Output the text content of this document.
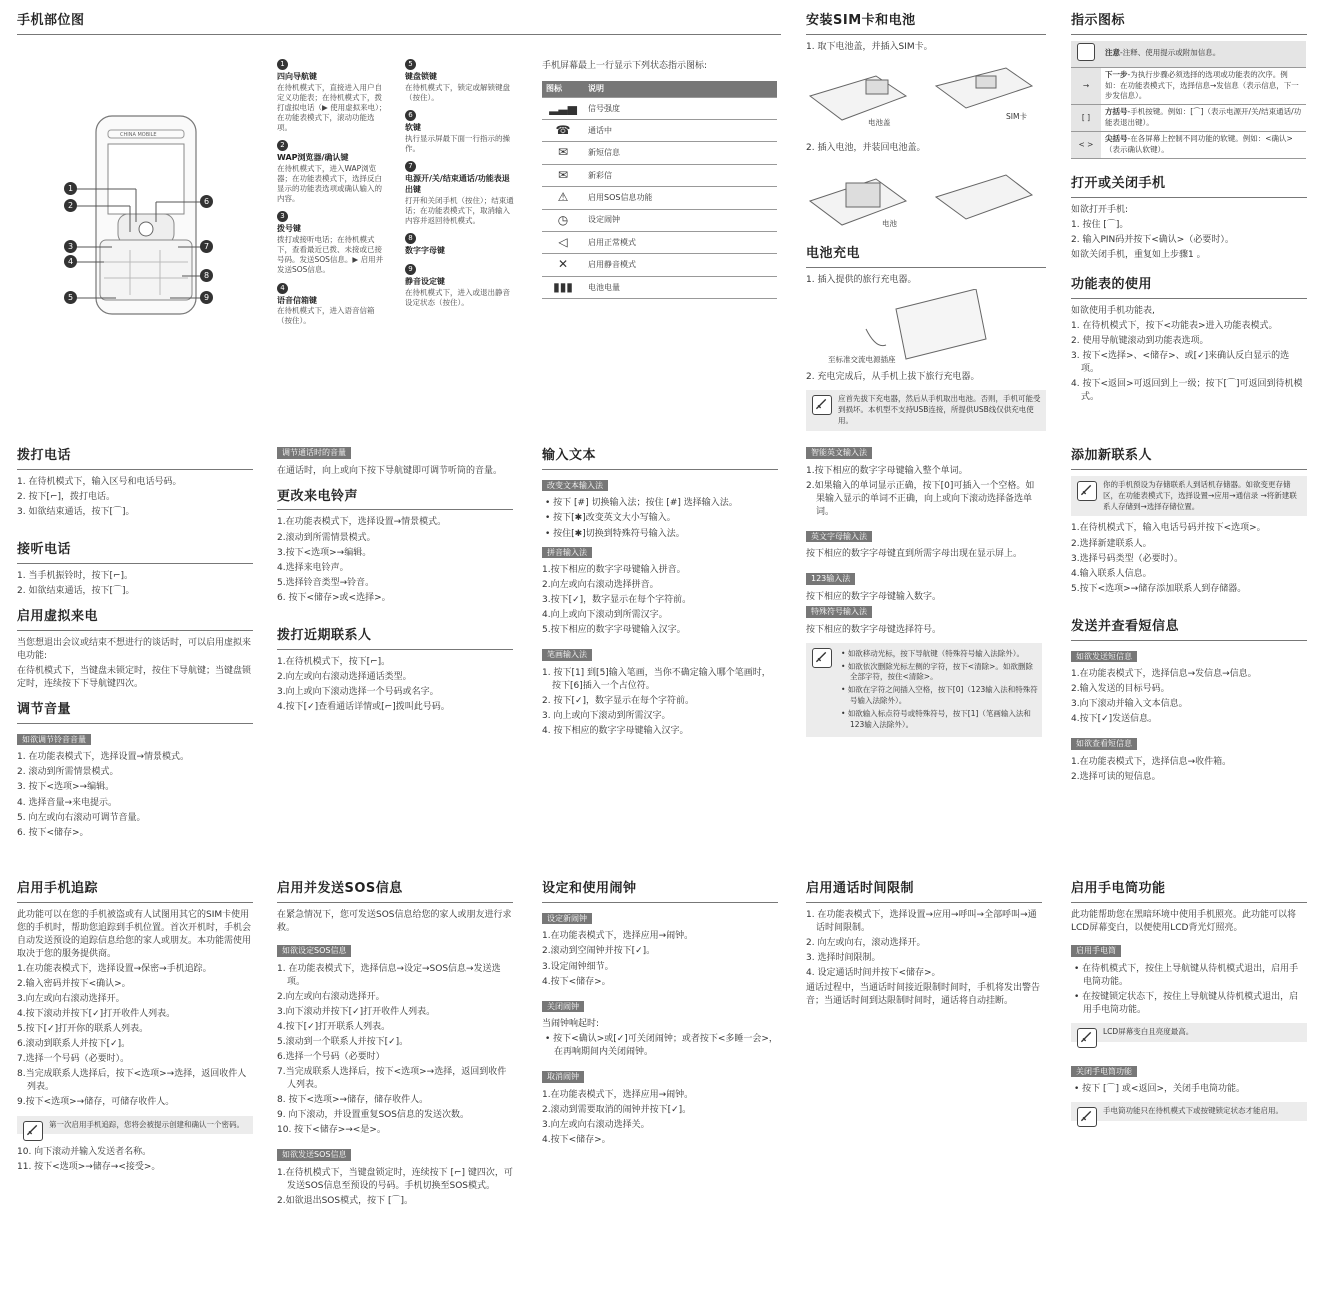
手机部位图
CHINA MOBILE
1
2
3
4
5
6
7
8
9
1
四向导航键
在待机模式下，直接进入用户自定义功能表；在待机模式下，拨打虚拟电话（▶ 使用虚拟来电）；在功能表模式下，滚动功能选项。
2
WAP浏览器/确认键
在待机模式下，进入WAP浏览器；在功能表模式下，选择反白显示的功能表选项或确认输入的内容。
3
拨号键
拨打或接听电话；在待机模式下，查看最近已拨、未接或已接号码。发送SOS信息。▶ 启用并发送SOS信息。
4
语音信箱键
在待机模式下，进入语音信箱（按住）。
5
键盘锁键
在待机模式下，锁定或解锁键盘（按住）。
6
软键
执行显示屏最下面一行指示的操作。
7
电源开/关/结束通话/功能表退出键
打开和关闭手机（按住）；结束通话；在功能表模式下，取消输入内容并返回待机模式。
8
数字字母键
9
静音设定键
在待机模式下，进入或退出静音设定状态（按住）。
手机屏幕最上一行显示下列状态指示图标:
图标	说明
▂▃▅	信号强度
☎	通话中
✉	新短信息
✉	新彩信
⚠	启用SOS信息功能
◷	设定闹钟
◁	启用正常模式
✕	启用静音模式
▮▮▮	电池电量
安装SIM卡和电池
1. 取下电池盖，并插入SIM卡。
电池盖
SIM卡
2. 插入电池，并装回电池盖。
电池
电池充电
1. 插入提供的旅行充电器。
至标准交流电源插座
2. 充电完成后，从手机上拔下旅行充电器。
应首先拔下充电器，然后从手机取出电池。否则，手机可能受到损坏。本机型不支持USB连接，所提供USB线仅供充电使用。
指示图标
	注意-注释、使用提示或附加信息。
→	下一步-为执行步骤必须选择的选项或功能表的次序。例如：在功能表模式下，选择信息→发信息（表示信息，下一步发信息）。
[ ]	方括号-手机按键。例如：[⌒]（表示电源开/关/结束通话/功能表退出键）。
< >	尖括号-在各屏幕上控制不同功能的软键。例如：<确认>（表示确认软键）。
打开或关闭手机
如欲打开手机:
1. 按住 [⌒]。
2. 输入PIN码并按下<确认>（必要时）。
如欲关闭手机，重复如上步骤1 。
功能表的使用
如欲使用手机功能表,
1. 在待机模式下，按下<功能表>进入功能表模式。
2. 使用导航键滚动到功能表选项。
3. 按下<选择>、<储存>、或[✓]来确认反白显示的选项。
4. 按下<返回>可返回到上一级；按下[⌒]可返回到待机模式。
拨打电话
1. 在待机模式下，输入区号和电话号码。
2. 按下[⌐]，拨打电话。
3. 如欲结束通话，按下[⌒]。
接听电话
1. 当手机振铃时，按下[⌐]。
2. 如欲结束通话，按下[⌒]。
启用虚拟来电
当您想退出会议或结束不想进行的谈话时，可以启用虚拟来电功能:
在待机模式下，当键盘未锁定时，按住下导航键；当键盘锁定时，连续按下下导航键四次。
调节音量
如欲调节铃音音量
1. 在功能表模式下，选择设置→情景模式。
2. 滚动到所需情景模式。
3. 按下<选项>→编辑。
4. 选择音量→来电提示。
5. 向左或向右滚动可调节音量。
6. 按下<储存>。
调节通话时的音量
在通话时，向上或向下按下导航键即可调节听筒的音量。
更改来电铃声
1.在功能表模式下，选择设置→情景模式。
2.滚动到所需情景模式。
3.按下<选项>→编辑。
4.选择来电铃声。
5.选择铃音类型→铃音。
6. 按下<储存>或<选择>。
拨打近期联系人
1.在待机模式下，按下[⌐]。
2.向左或向右滚动选择通话类型。
3.向上或向下滚动选择一个号码或名字。
4.按下[✓]查看通话详情或[⌐]拨叫此号码。
输入文本
改变文本输入法
• 按下 [#] 切换输入法；按住 [#] 选择输入法。
• 按下[✱]改变英文大小写输入。
• 按住[✱]切换到特殊符号输入法。
拼音输入法
1.按下相应的数字字母键输入拼音。
2.向左或向右滚动选择拼音。
3.按下[✓]，数字显示在每个字符前。
4.向上或向下滚动到所需汉字。
5.按下相应的数字字母键输入汉字。
笔画输入法
1. 按下[1] 到[5]输入笔画，当你不确定输入哪个笔画时，按下[6]插入一个占位符。
2. 按下[✓]，数字显示在每个字符前。
3. 向上或向下滚动到所需汉字。
4. 按下相应的数字字母键输入汉字。
智能英文输入法
1.按下相应的数字字母键输入整个单词。
2.如果输入的单词显示正确，按下[0]可插入一个空格。如果输入显示的单词不正确，向上或向下滚动选择备选单词。
英文字母输入法
按下相应的数字字母键直到所需字母出现在显示屏上。
123输入法
按下相应的数字字母键输入数字。
特殊符号输入法
按下相应的数字字母键选择符号。
• 如欲移动光标，按下导航键（特殊符号输入法除外）。
• 如欲依次删除光标左侧的字符，按下<清除>。如欲删除全部字符，按住<清除>。
• 如欲在字符之间插入空格，按下[0]（123输入法和特殊符号输入法除外）。
• 如欲输入标点符号或特殊符号，按下[1]（笔画输入法和123输入法除外）。
添加新联系人
你的手机预设为存储联系人到话机存储器。如欲变更存储区，在功能表模式下，选择设置→应用→通信录 →将新建联系人存储到→选择存储位置。
1.在待机模式下，输入电话号码并按下<选项>。
2.选择新建联系人。
3.选择号码类型（必要时）。
4.输入联系人信息。
5.按下<选项>→储存添加联系人到存储器。
发送并查看短信息
如欲发送短信息
1.在功能表模式下，选择信息→发信息→信息。
2.输入发送的目标号码。
3.向下滚动并输入文本信息。
4.按下[✓]发送信息。
如欲查看短信息
1.在功能表模式下，选择信息→收件箱。
2.选择可读的短信息。
启用手机追踪
此功能可以在您的手机被盗或有人试图用其它的SIM卡使用您的手机时，帮助您追踪到手机位置。首次开机时，手机会自动发送预设的追踪信息给您的家人或朋友。本功能需使用取决于您的服务提供商。
1.在功能表模式下，选择设置→保密→手机追踪。
2.输入密码并按下<确认>。
3.向左或向右滚动选择开。
4.按下滚动并按下[✓]打开收件人列表。
5.按下[✓]打开你的联系人列表。
6.滚动到联系人并按下[✓]。
7.选择一个号码（必要时）。
8.当完成联系人选择后，按下<选项>→选择，返回收件人列表。
9.按下<选项>→储存，可储存收件人。
第一次启用手机追踪，您将会被提示创建和确认一个密码。
10. 向下滚动并输入发送者名称。
11. 按下<选项>→储存→<接受>。
启用并发送SOS信息
在紧急情况下，您可发送SOS信息给您的家人或朋友进行求救。
如欲设定SOS信息
1. 在功能表模式下，选择信息→设定→SOS信息→发送选项。
2.向左或向右滚动选择开。
3.向下滚动并按下[✓]打开收件人列表。
4.按下[✓]打开联系人列表。
5.滚动到一个联系人并按下[✓]。
6.选择一个号码（必要时）
7.当完成联系人选择后，按下<选项>→选择，返回到收件人列表。
8. 按下<选项>→储存，储存收件人。
9. 向下滚动，并设置重复SOS信息的发送次数。
10. 按下<储存>→<是>。
如欲发送SOS信息
1.在待机模式下，当键盘锁定时，连续按下 [⌐] 键四次，可发送SOS信息至预设的号码。手机切换至SOS模式。
2.如欲退出SOS模式，按下 [⌒]。
设定和使用闹钟
设定新闹钟
1.在功能表模式下，选择应用→闹钟。
2.滚动到空闹钟并按下[✓]。
3.设定闹钟细节。
4.按下<储存>。
关闭闹钟
当闹钟响起时:
• 按下<确认>或[✓]可关闭闹钟；或者按下<多睡一会>，在再响期间内关闭闹钟。
取消闹钟
1.在功能表模式下，选择应用→闹钟。
2.滚动到需要取消的闹钟并按下[✓]。
3.向左或向右滚动选择关。
4.按下<储存>。
启用通话时间限制
1. 在功能表模式下，选择设置→应用→呼叫→全部呼叫→通话时间限制。
2. 向左或向右，滚动选择开。
3. 选择时间限制。
4. 设定通话时间并按下<储存>。
通话过程中，当通话时间接近限制时间时，手机将发出警告音；当通话时间到达限制时间时，通话将自动挂断。
启用手电筒功能
此功能帮助您在黑暗环境中使用手机照亮。此功能可以将LCD屏幕变白，以便使用LCD背光灯照亮。
启用手电筒
• 在待机模式下，按住上导航键从待机模式退出，启用手电筒功能。
• 在按键锁定状态下，按住上导航键从待机模式退出，启用手电筒功能。
LCD屏幕变白且亮度最高。
关闭手电筒功能
• 按下 [⌒] 或<返回>，关闭手电筒功能。
手电筒功能只在待机模式下或按键锁定状态才能启用。
